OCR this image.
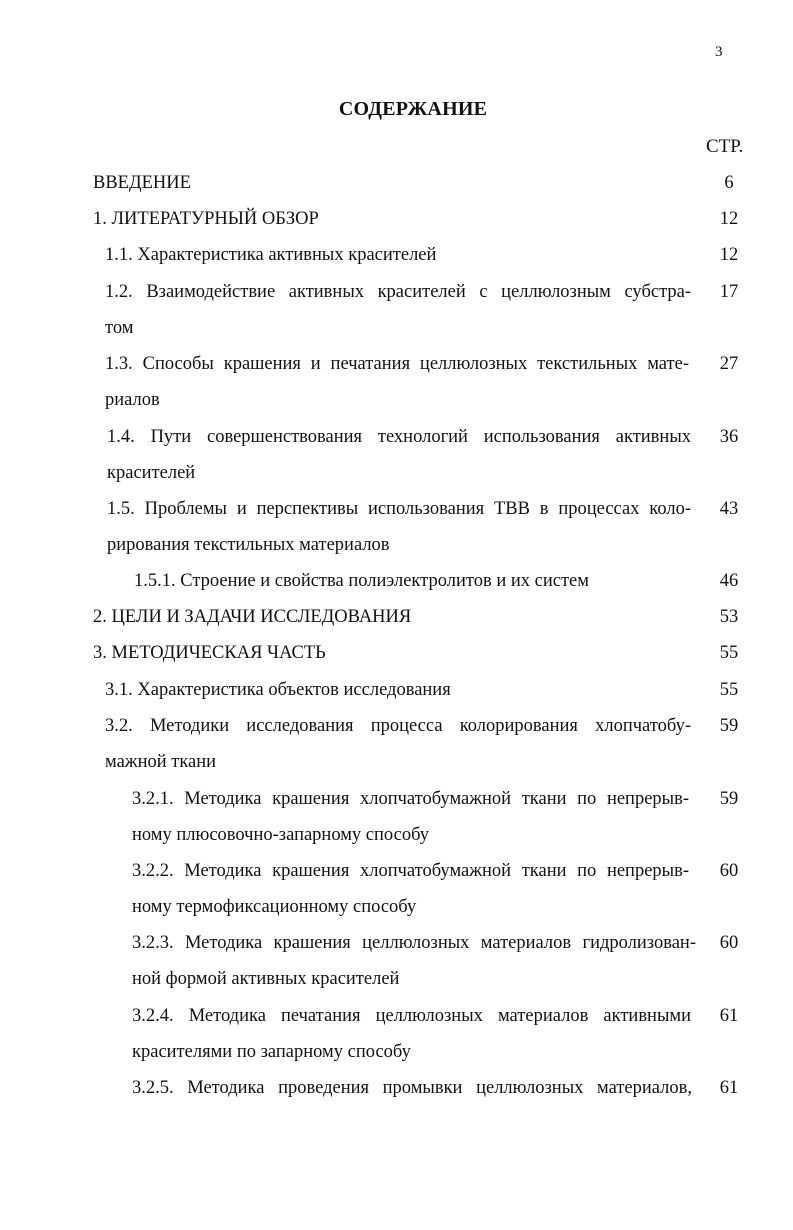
3
СОДЕРЖАНИЕ
СТР.
ВВЕДЕНИЕ	6
1. ЛИТЕРАТУРНЫЙ ОБЗОР	12
1.1. Характеристика активных красителей	12
1.2. Взаимодействие активных красителей с целлюлозным субстра-	17
том
1.3. Способы крашения и печатания целлюлозных текстильных мате-	27
риалов
1.4. Пути совершенствования технологий использования активных	36
красителей
1.5. Проблемы и перспективы использования ТВВ в процессах коло-	43
рирования текстильных материалов
1.5.1. Строение и свойства полиэлектролитов и их систем	46
2. ЦЕЛИ И ЗАДАЧИ ИССЛЕДОВАНИЯ	53
3. МЕТОДИЧЕСКАЯ ЧАСТЬ	55
3.1. Характеристика объектов исследования	55
3.2. Методики исследования процесса колорирования хлопчатобу-	59
мажной ткани
3.2.1. Методика крашения хлопчатобумажной ткани по непрерыв-	59
ному плюсовочно-запарному способу
3.2.2. Методика крашения хлопчатобумажной ткани по непрерыв-	60
ному термофиксационному способу
3.2.3. Методика крашения целлюлозных материалов гидролизован-	60
ной формой активных красителей
3.2.4. Методика печатания целлюлозных материалов активными	61
красителями по запарному способу
3.2.5. Методика проведения промывки целлюлозных материалов,	61
